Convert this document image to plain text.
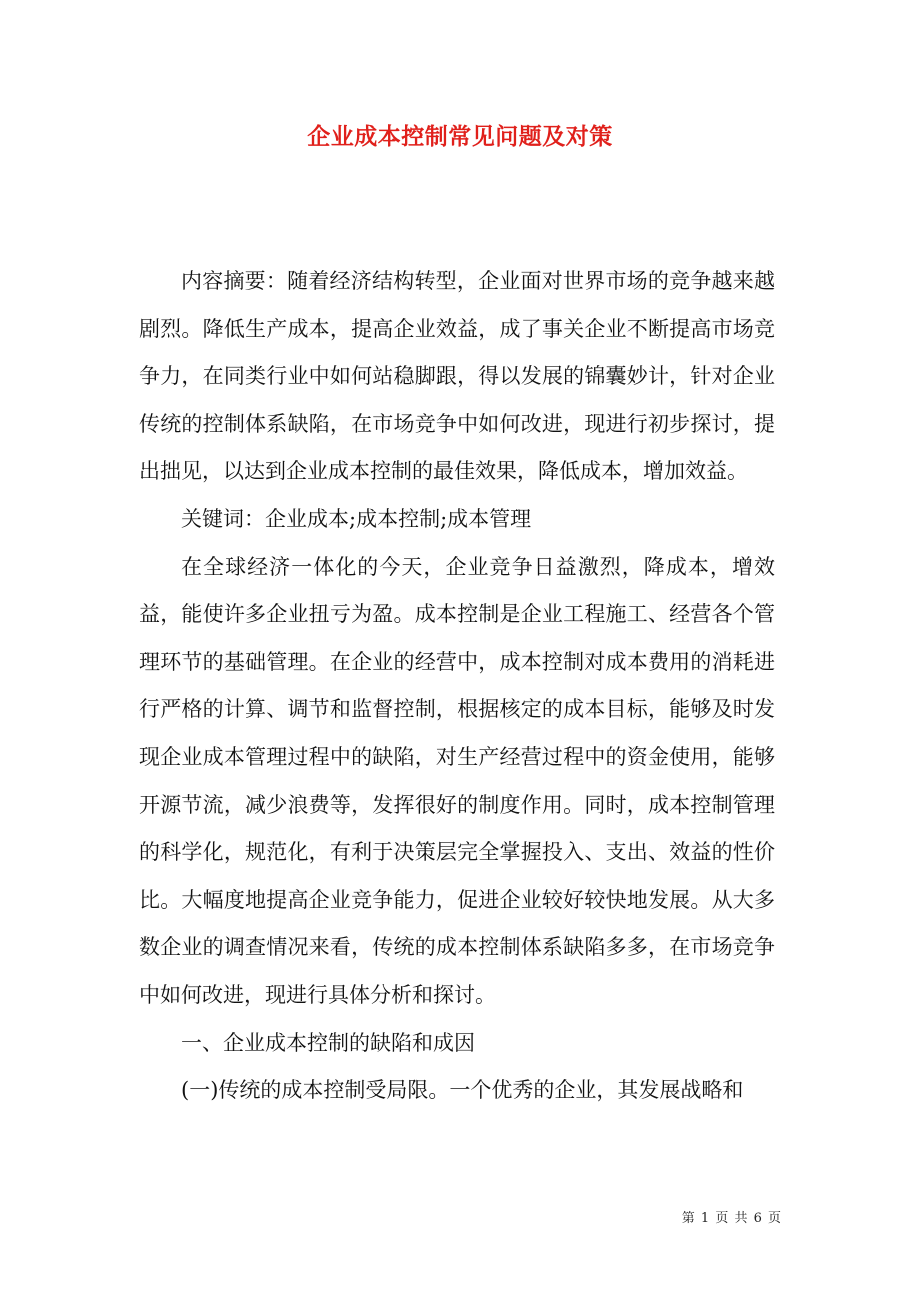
企业成本控制常见问题及对策

内容摘要：随着经济结构转型，企业面对世界市场的竞争越来越剧烈。降低生产成本，提高企业效益，成了事关企业不断提高市场竞争力，在同类行业中如何站稳脚跟，得以发展的锦囊妙计，针对企业传统的控制体系缺陷，在市场竞争中如何改进，现进行初步探讨，提出拙见，以达到企业成本控制的最佳效果，降低成本，增加效益。

关键词：企业成本;成本控制;成本管理

在全球经济一体化的今天，企业竞争日益激烈，降成本，增效益，能使许多企业扭亏为盈。成本控制是企业工程施工、经营各个管理环节的基础管理。在企业的经营中，成本控制对成本费用的消耗进行严格的计算、调节和监督控制，根据核定的成本目标，能够及时发现企业成本管理过程中的缺陷，对生产经营过程中的资金使用，能够开源节流，减少浪费等，发挥很好的制度作用。同时，成本控制管理的科学化，规范化，有利于决策层完全掌握投入、支出、效益的性价比。大幅度地提高企业竞争能力，促进企业较好较快地发展。从大多数企业的调查情况来看，传统的成本控制体系缺陷多多，在市场竞争中如何改进，现进行具体分析和探讨。

一、企业成本控制的缺陷和成因

(一)传统的成本控制受局限。一个优秀的企业，其发展战略和

第 1 页 共 6 页
